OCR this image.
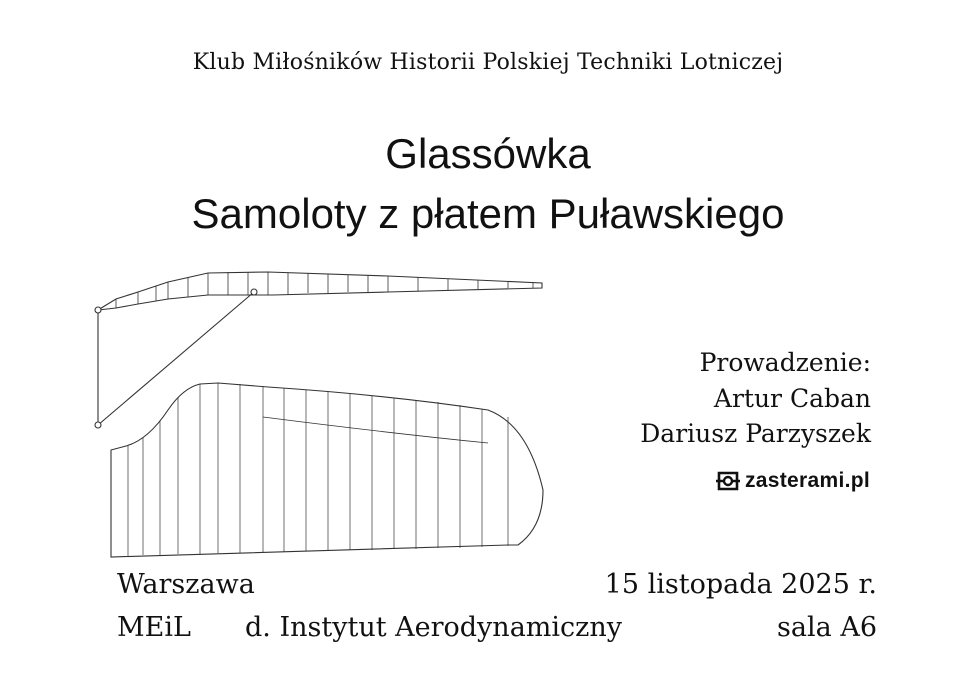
Klub Miłośników Historii Polskiej Techniki Lotniczej
Glassówka
Samoloty z płatem Puławskiego
Prowadzenie:
Artur Caban
Dariusz Parzyszek
zasterami.pl
Warszawa	15 listopada 2025 r.
MEiL d. Instytut Aerodynamiczny	sala A6
